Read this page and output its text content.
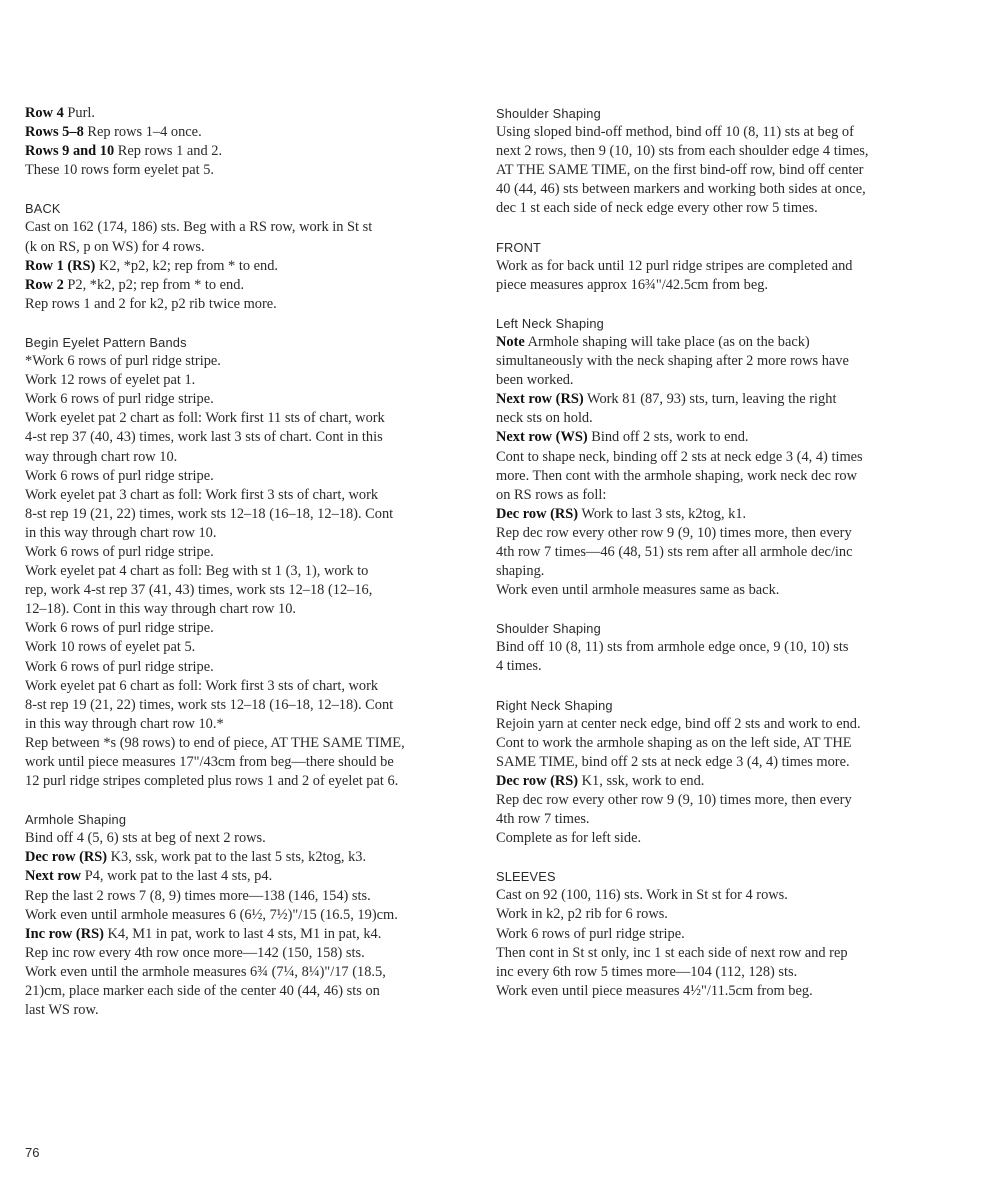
Row 4 Purl.

Rows 5–8 Rep rows 1–4 once.

Rows 9 and 10 Rep rows 1 and 2.

These 10 rows form eyelet pat 5.

BACK

Cast on 162 (174, 186) sts. Beg with a RS row, work in St st

(k on RS, p on WS) for 4 rows.

Row 1 (RS) K2, *p2, k2; rep from * to end.

Row 2 P2, *k2, p2; rep from * to end.

Rep rows 1 and 2 for k2, p2 rib twice more.

Begin Eyelet Pattern Bands

*Work 6 rows of purl ridge stripe.

Work 12 rows of eyelet pat 1.

Work 6 rows of purl ridge stripe.

Work eyelet pat 2 chart as foll: Work first 11 sts of chart, work

4-st rep 37 (40, 43) times, work last 3 sts of chart. Cont in this

way through chart row 10.

Work 6 rows of purl ridge stripe.

Work eyelet pat 3 chart as foll: Work first 3 sts of chart, work

8-st rep 19 (21, 22) times, work sts 12–18 (16–18, 12–18). Cont

in this way through chart row 10.

Work 6 rows of purl ridge stripe.

Work eyelet pat 4 chart as foll: Beg with st 1 (3, 1), work to

rep, work 4-st rep 37 (41, 43) times, work sts 12–18 (12–16,

12–18). Cont in this way through chart row 10.

Work 6 rows of purl ridge stripe.

Work 10 rows of eyelet pat 5.

Work 6 rows of purl ridge stripe.

Work eyelet pat 6 chart as foll: Work first 3 sts of chart, work

8-st rep 19 (21, 22) times, work sts 12–18 (16–18, 12–18). Cont

in this way through chart row 10.*

Rep between *s (98 rows) to end of piece, AT THE SAME TIME,

work until piece measures 17"/43cm from beg—there should be

12 purl ridge stripes completed plus rows 1 and 2 of eyelet pat 6.

Armhole Shaping

Bind off 4 (5, 6) sts at beg of next 2 rows.

Dec row (RS) K3, ssk, work pat to the last 5 sts, k2tog, k3.

Next row P4, work pat to the last 4 sts, p4.

Rep the last 2 rows 7 (8, 9) times more—138 (146, 154) sts.

Work even until armhole measures 6 (6½, 7½)"/15 (16.5, 19)cm.

Inc row (RS) K4, M1 in pat, work to last 4 sts, M1 in pat, k4.

Rep inc row every 4th row once more—142 (150, 158) sts.

Work even until the armhole measures 6¾ (7¼, 8¼)"/17 (18.5,

21)cm, place marker each side of the center 40 (44, 46) sts on

last WS row.

Shoulder Shaping

Using sloped bind-off method, bind off 10 (8, 11) sts at beg of

next 2 rows, then 9 (10, 10) sts from each shoulder edge 4 times,

AT THE SAME TIME, on the first bind-off row, bind off center

40 (44, 46) sts between markers and working both sides at once,

dec 1 st each side of neck edge every other row 5 times.

FRONT

Work as for back until 12 purl ridge stripes are completed and

piece measures approx 16¾"/42.5cm from beg.

Left Neck Shaping

Note Armhole shaping will take place (as on the back)

simultaneously with the neck shaping after 2 more rows have

been worked.

Next row (RS) Work 81 (87, 93) sts, turn, leaving the right

neck sts on hold.

Next row (WS) Bind off 2 sts, work to end.

Cont to shape neck, binding off 2 sts at neck edge 3 (4, 4) times

more. Then cont with the armhole shaping, work neck dec row

on RS rows as foll:

Dec row (RS) Work to last 3 sts, k2tog, k1.

Rep dec row every other row 9 (9, 10) times more, then every

4th row 7 times—46 (48, 51) sts rem after all armhole dec/inc

shaping.

Work even until armhole measures same as back.

Shoulder Shaping

Bind off 10 (8, 11) sts from armhole edge once, 9 (10, 10) sts

4 times.

Right Neck Shaping

Rejoin yarn at center neck edge, bind off 2 sts and work to end.

Cont to work the armhole shaping as on the left side, AT THE

SAME TIME, bind off 2 sts at neck edge 3 (4, 4) times more.

Dec row (RS) K1, ssk, work to end.

Rep dec row every other row 9 (9, 10) times more, then every

4th row 7 times.

Complete as for left side.

SLEEVES

Cast on 92 (100, 116) sts. Work in St st for 4 rows.

Work in k2, p2 rib for 6 rows.

Work 6 rows of purl ridge stripe.

Then cont in St st only, inc 1 st each side of next row and rep

inc every 6th row 5 times more—104 (112, 128) sts.

Work even until piece measures 4½"/11.5cm from beg.

76
